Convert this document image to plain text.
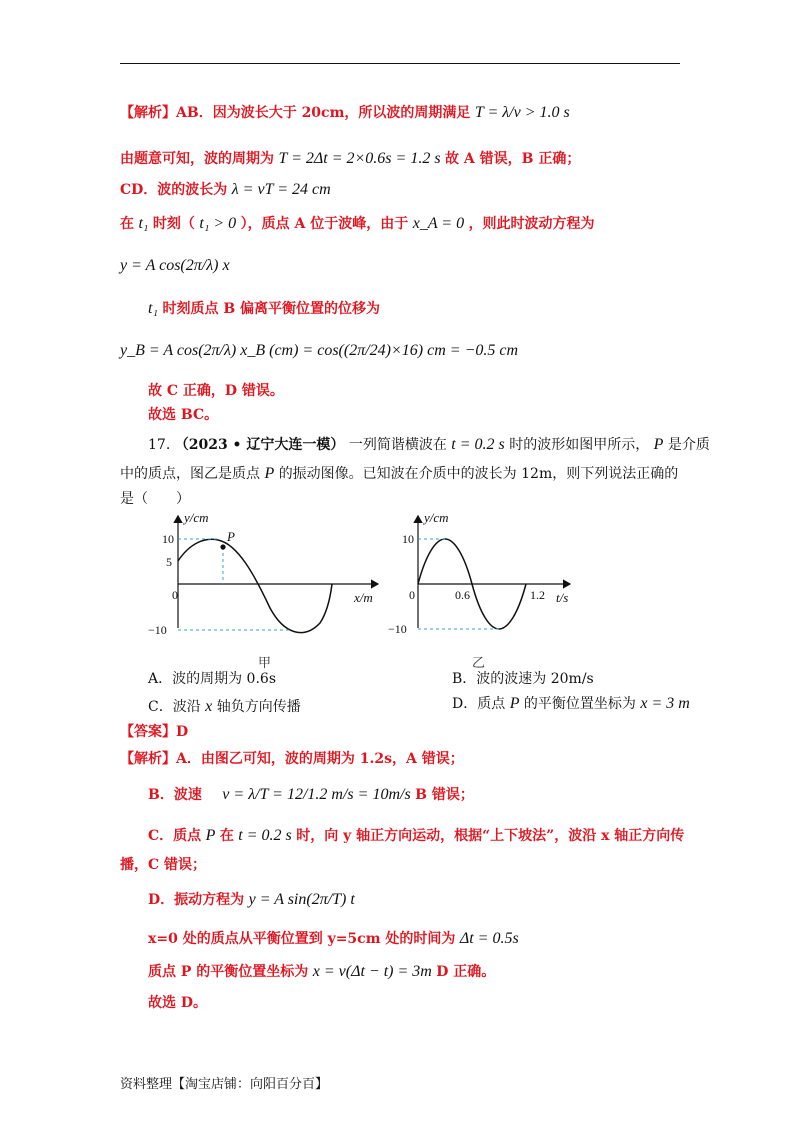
【解析】AB．因为波长大于 20cm，所以波的周期满足 T = λ/v > 1.0 s
由题意可知，波的周期为 T = 2Δt = 2×0.6s = 1.2 s 故 A 错误，B 正确；
CD．波的波长为 λ = vT = 24 cm
在 t₁ 时刻（ t₁ > 0 ），质点 A 位于波峰，由于 x_A = 0 ，则此时波动方程为
y = A cos(2π/λ) x
t₁ 时刻质点 B 偏离平衡位置的位移为
y_B = A cos(2π/λ) x_B (cm) = cos((2π/24)×16) cm = −0.5 cm
故 C 正确，D 错误。
故选 BC。
17. （2023 • 辽宁大连一模） 一列简谐横波在 t = 0.2 s 时的波形如图甲所示， P 是介质
中的质点，图乙是质点 P 的振动图像。已知波在介质中的波长为 12m，则下列说法正确的
是（　　）
y/cm
x/m
10
5
0
−10
P
甲
y/cm
t/s
10
0
−10
0.6	1.2
乙
A．波的周期为 0.6s	B．波的波速为 20m/s
C．波沿 x 轴负方向传播	D．质点 P 的平衡位置坐标为 x = 3 m
【答案】D
【解析】A．由图乙可知，波的周期为 1.2s，A 错误；
B．波速 v = λ/T = 12/1.2 m/s = 10m/s B 错误；
C．质点 P 在 t = 0.2 s 时，向 y 轴正方向运动，根据“上下坡法”，波沿 x 轴正方向传
播，C 错误；
D．振动方程为 y = A sin(2π/T) t
x=0 处的质点从平衡位置到 y=5cm 处的时间为 Δt = 0.5s
质点 P 的平衡位置坐标为 x = v(Δt − t) = 3m D 正确。
故选 D。
资料整理【淘宝店铺：向阳百分百】
